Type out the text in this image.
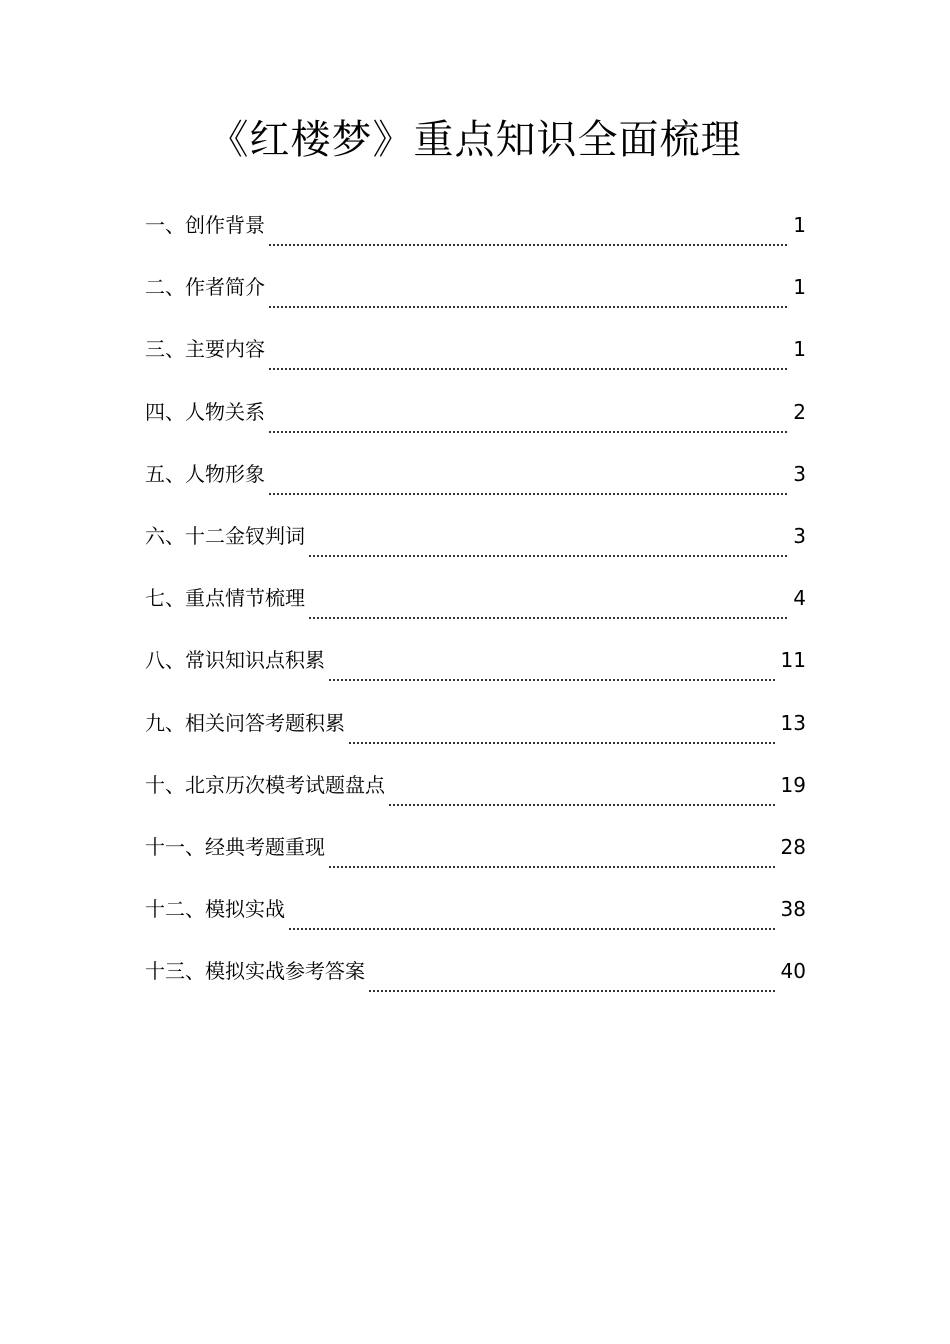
《红楼梦》重点知识全面梳理
一、创作背景	1
二、作者简介	1
三、主要内容	1
四、人物关系	2
五、人物形象	3
六、十二金钗判词	3
七、重点情节梳理	4
八、常识知识点积累	11
九、相关问答考题积累	13
十、北京历次模考试题盘点	19
十一、经典考题重现	28
十二、模拟实战	38
十三、模拟实战参考答案	40
